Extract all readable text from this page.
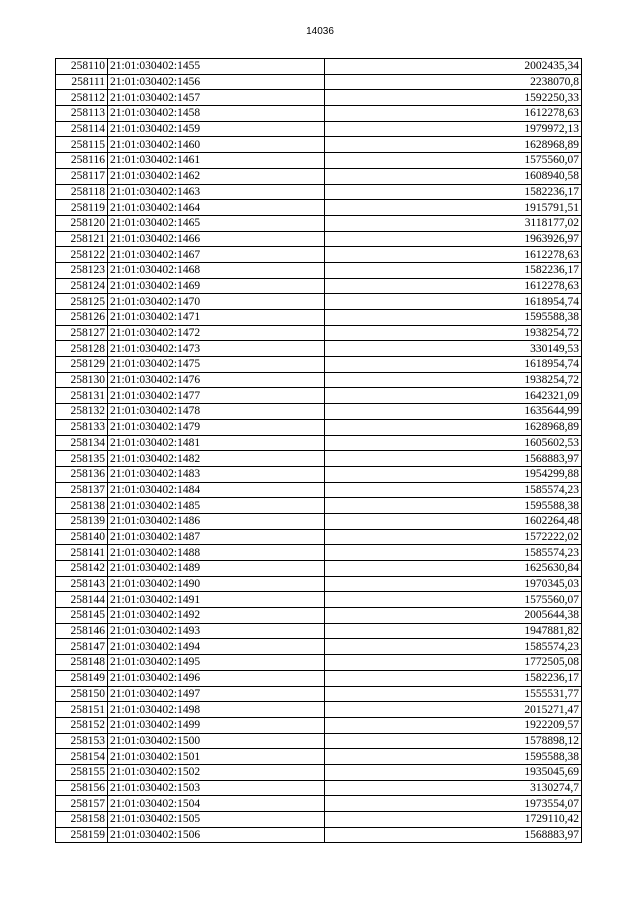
14036
258110	21:01:030402:1455	2002435,34
258111	21:01:030402:1456	2238070,8
258112	21:01:030402:1457	1592250,33
258113	21:01:030402:1458	1612278,63
258114	21:01:030402:1459	1979972,13
258115	21:01:030402:1460	1628968,89
258116	21:01:030402:1461	1575560,07
258117	21:01:030402:1462	1608940,58
258118	21:01:030402:1463	1582236,17
258119	21:01:030402:1464	1915791,51
258120	21:01:030402:1465	3118177,02
258121	21:01:030402:1466	1963926,97
258122	21:01:030402:1467	1612278,63
258123	21:01:030402:1468	1582236,17
258124	21:01:030402:1469	1612278,63
258125	21:01:030402:1470	1618954,74
258126	21:01:030402:1471	1595588,38
258127	21:01:030402:1472	1938254,72
258128	21:01:030402:1473	330149,53
258129	21:01:030402:1475	1618954,74
258130	21:01:030402:1476	1938254,72
258131	21:01:030402:1477	1642321,09
258132	21:01:030402:1478	1635644,99
258133	21:01:030402:1479	1628968,89
258134	21:01:030402:1481	1605602,53
258135	21:01:030402:1482	1568883,97
258136	21:01:030402:1483	1954299,88
258137	21:01:030402:1484	1585574,23
258138	21:01:030402:1485	1595588,38
258139	21:01:030402:1486	1602264,48
258140	21:01:030402:1487	1572222,02
258141	21:01:030402:1488	1585574,23
258142	21:01:030402:1489	1625630,84
258143	21:01:030402:1490	1970345,03
258144	21:01:030402:1491	1575560,07
258145	21:01:030402:1492	2005644,38
258146	21:01:030402:1493	1947881,82
258147	21:01:030402:1494	1585574,23
258148	21:01:030402:1495	1772505,08
258149	21:01:030402:1496	1582236,17
258150	21:01:030402:1497	1555531,77
258151	21:01:030402:1498	2015271,47
258152	21:01:030402:1499	1922209,57
258153	21:01:030402:1500	1578898,12
258154	21:01:030402:1501	1595588,38
258155	21:01:030402:1502	1935045,69
258156	21:01:030402:1503	3130274,7
258157	21:01:030402:1504	1973554,07
258158	21:01:030402:1505	1729110,42
258159	21:01:030402:1506	1568883,97
